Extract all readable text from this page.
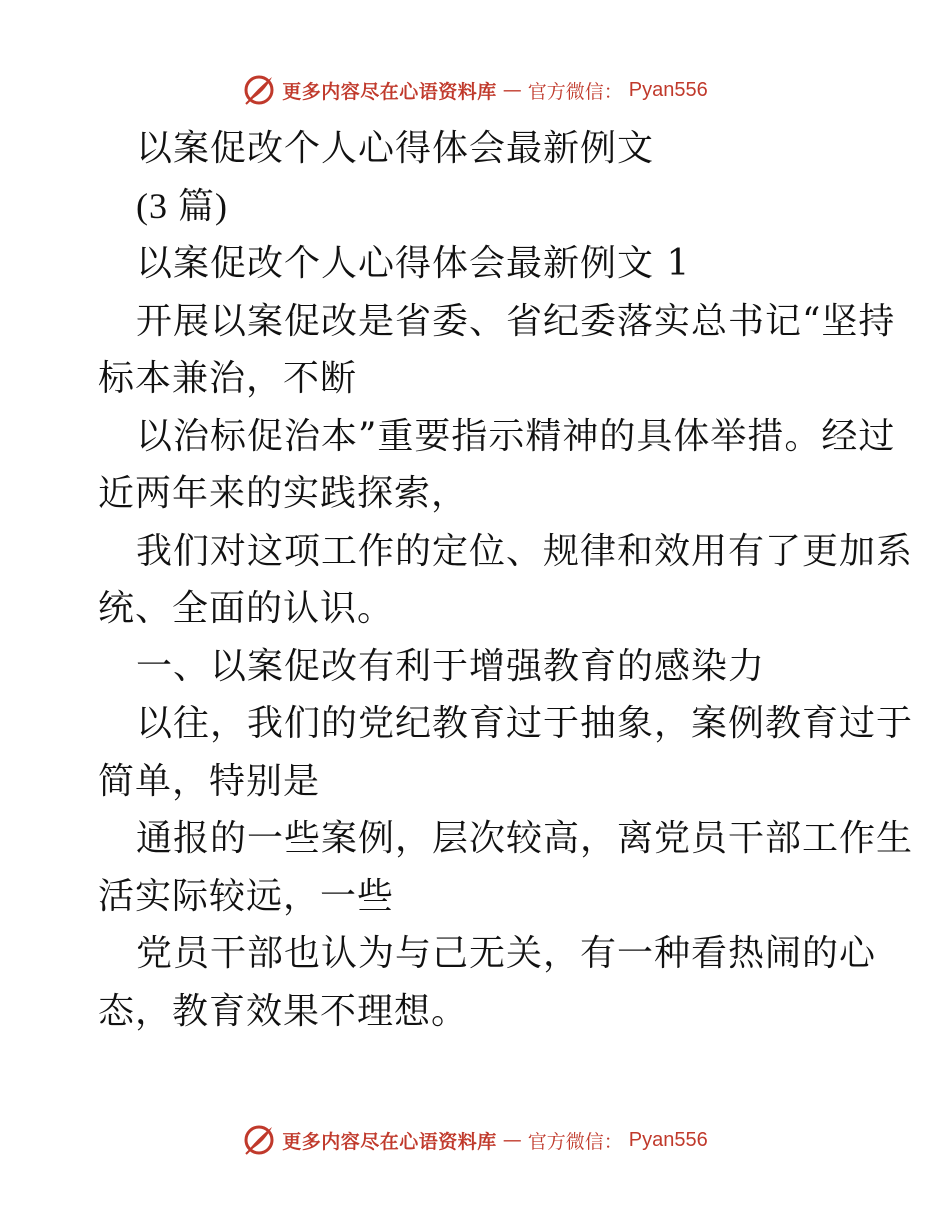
更多内容尽在心语资料库 — 官方微信： Pyan556
以案促改个人心得体会最新例文
(3 篇)
以案促改个人心得体会最新例文 1
开展以案促改是省委、省纪委落实总书记“坚持
标本兼治，不断
以治标促治本”重要指示精神的具体举措。经过
近两年来的实践探索，
我们对这项工作的定位、规律和效用有了更加系
统、全面的认识。
一、以案促改有利于增强教育的感染力
以往，我们的党纪教育过于抽象，案例教育过于
简单，特别是
通报的一些案例，层次较高，离党员干部工作生
活实际较远，一些
党员干部也认为与己无关，有一种看热闹的心
态，教育效果不理想。
更多内容尽在心语资料库 — 官方微信： Pyan556
